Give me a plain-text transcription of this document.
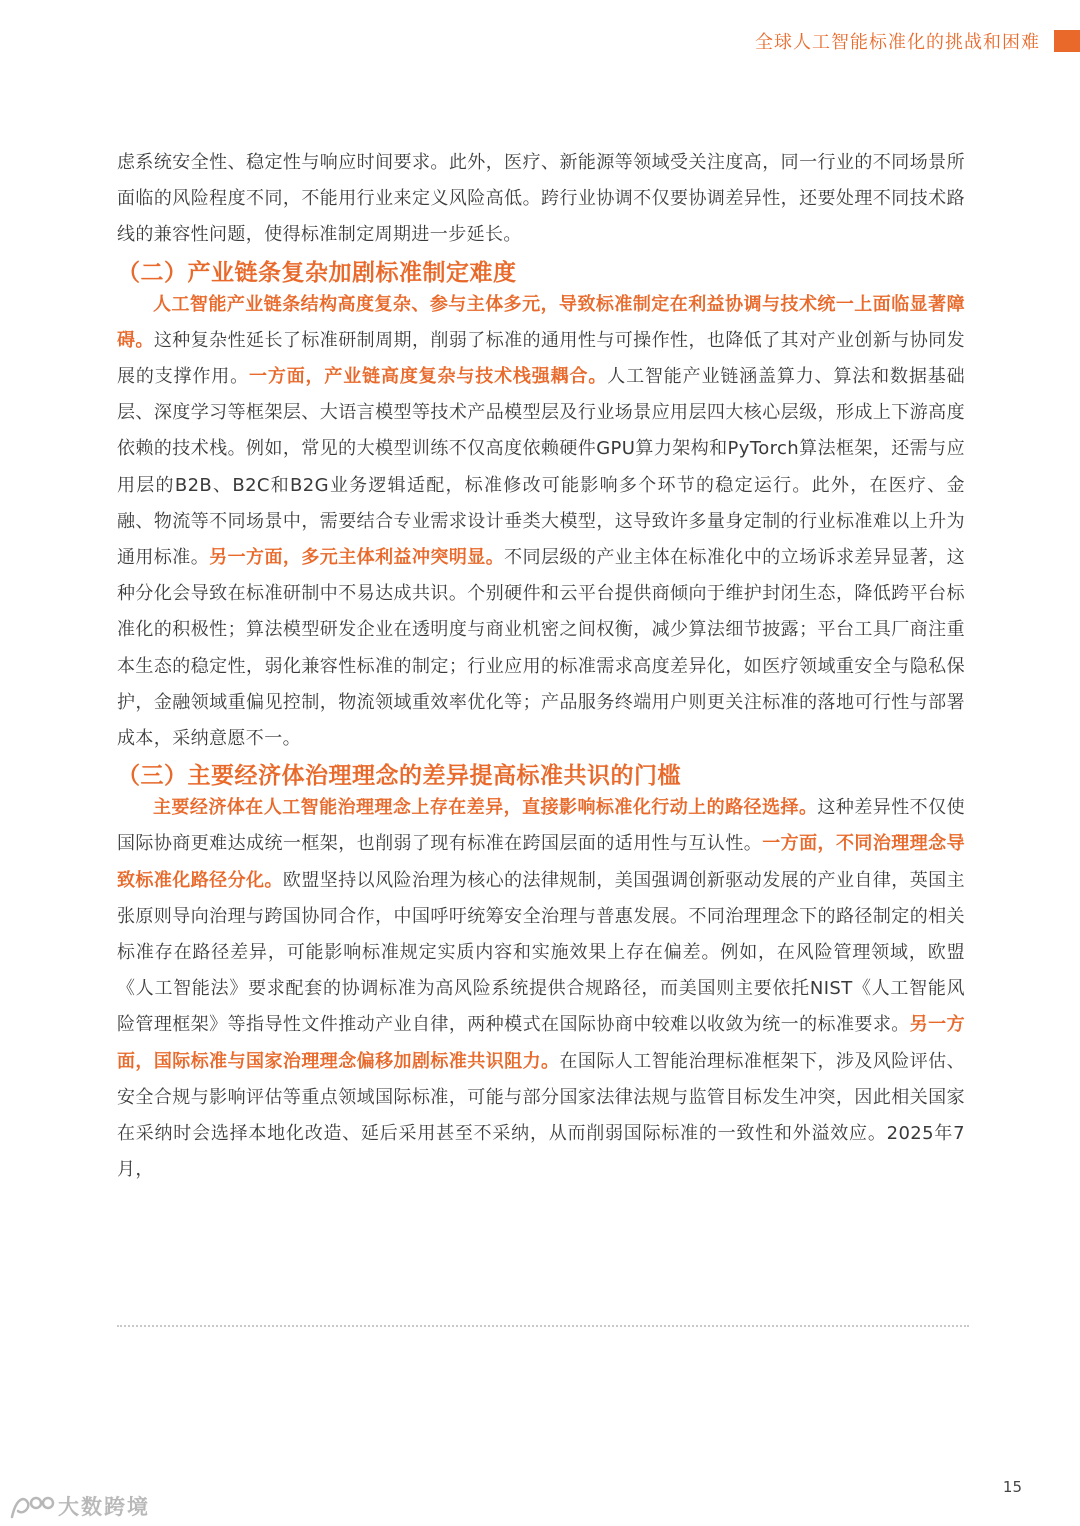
全球人工智能标准化的挑战和困难

虑系统安全性、稳定性与响应时间要求。此外，医疗、新能源等领域受关注度高，同一行业的不同场景所面临的风险程度不同，不能用行业来定义风险高低。跨行业协调不仅要协调差异性，还要处理不同技术路线的兼容性问题，使得标准制定周期进一步延长。

（二）产业链条复杂加剧标准制定难度

人工智能产业链条结构高度复杂、参与主体多元，导致标准制定在利益协调与技术统一上面临显著障碍。这种复杂性延长了标准研制周期，削弱了标准的通用性与可操作性，也降低了其对产业创新与协同发展的支撑作用。一方面，产业链高度复杂与技术栈强耦合。人工智能产业链涵盖算力、算法和数据基础层、深度学习等框架层、大语言模型等技术产品模型层及行业场景应用层四大核心层级，形成上下游高度依赖的技术栈。例如，常见的大模型训练不仅高度依赖硬件GPU算力架构和PyTorch算法框架，还需与应用层的B2B、B2C和B2G业务逻辑适配，标准修改可能影响多个环节的稳定运行。此外，在医疗、金融、物流等不同场景中，需要结合专业需求设计垂类大模型，这导致许多量身定制的行业标准难以上升为通用标准。另一方面，多元主体利益冲突明显。不同层级的产业主体在标准化中的立场诉求差异显著，这种分化会导致在标准研制中不易达成共识。个别硬件和云平台提供商倾向于维护封闭生态，降低跨平台标准化的积极性；算法模型研发企业在透明度与商业机密之间权衡，减少算法细节披露；平台工具厂商注重本生态的稳定性，弱化兼容性标准的制定；行业应用的标准需求高度差异化，如医疗领域重安全与隐私保护，金融领域重偏见控制，物流领域重效率优化等；产品服务终端用户则更关注标准的落地可行性与部署成本，采纳意愿不一。

（三）主要经济体治理理念的差异提高标准共识的门槛

主要经济体在人工智能治理理念上存在差异，直接影响标准化行动上的路径选择。这种差异性不仅使国际协商更难达成统一框架，也削弱了现有标准在跨国层面的适用性与互认性。一方面，不同治理理念导致标准化路径分化。欧盟坚持以风险治理为核心的法律规制，美国强调创新驱动发展的产业自律，英国主张原则导向治理与跨国协同合作，中国呼吁统筹安全治理与普惠发展。不同治理理念下的路径制定的相关标准存在路径差异，可能影响标准规定实质内容和实施效果上存在偏差。例如，在风险管理领域，欧盟《人工智能法》要求配套的协调标准为高风险系统提供合规路径，而美国则主要依托NIST《人工智能风险管理框架》等指导性文件推动产业自律，两种模式在国际协商中较难以收敛为统一的标准要求。另一方面，国际标准与国家治理理念偏移加剧标准共识阻力。在国际人工智能治理标准框架下，涉及风险评估、安全合规与影响评估等重点领域国际标准，可能与部分国家法律法规与监管目标发生冲突，因此相关国家在采纳时会选择本地化改造、延后采用甚至不采纳，从而削弱国际标准的一致性和外溢效应。2025年7月，

15
大数跨境
